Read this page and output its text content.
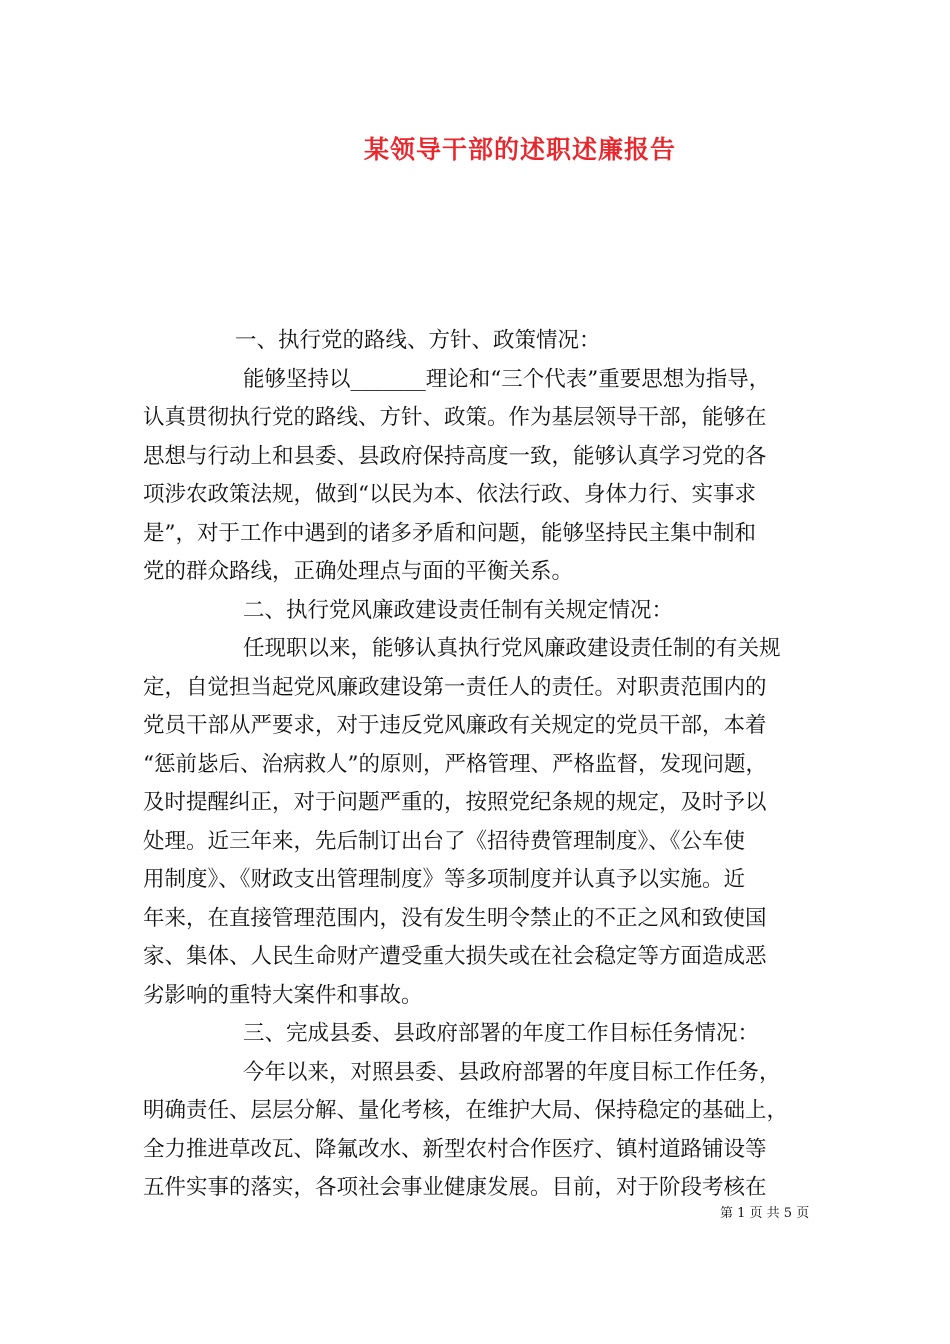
某领导干部的述职述廉报告
一、执行党的路线、方针、政策情况：
能够坚持以_______理论和“三个代表”重要思想为指导，
认真贯彻执行党的路线、方针、政策。作为基层领导干部，能够在
思想与行动上和县委、县政府保持高度一致，能够认真学习党的各
项涉农政策法规，做到“以民为本、依法行政、身体力行、实事求
是”，对于工作中遇到的诸多矛盾和问题，能够坚持民主集中制和
党的群众路线，正确处理点与面的平衡关系。
二、执行党风廉政建设责任制有关规定情况：
任现职以来，能够认真执行党风廉政建设责任制的有关规
定，自觉担当起党风廉政建设第一责任人的责任。对职责范围内的
党员干部从严要求，对于违反党风廉政有关规定的党员干部，本着
“惩前毖后、治病救人”的原则，严格管理、严格监督，发现问题，
及时提醒纠正，对于问题严重的，按照党纪条规的规定，及时予以
处理。近三年来，先后制订出台了《招待费管理制度》、《公车使
用制度》、《财政支出管理制度》等多项制度并认真予以实施。近
年来，在直接管理范围内，没有发生明令禁止的不正之风和致使国
家、集体、人民生命财产遭受重大损失或在社会稳定等方面造成恶
劣影响的重特大案件和事故。
三、完成县委、县政府部署的年度工作目标任务情况：
今年以来，对照县委、县政府部署的年度目标工作任务，
明确责任、层层分解、量化考核，在维护大局、保持稳定的基础上，
全力推进草改瓦、降氟改水、新型农村合作医疗、镇村道路铺设等
五件实事的落实，各项社会事业健康发展。目前，对于阶段考核在
第 1 页 共 5 页
